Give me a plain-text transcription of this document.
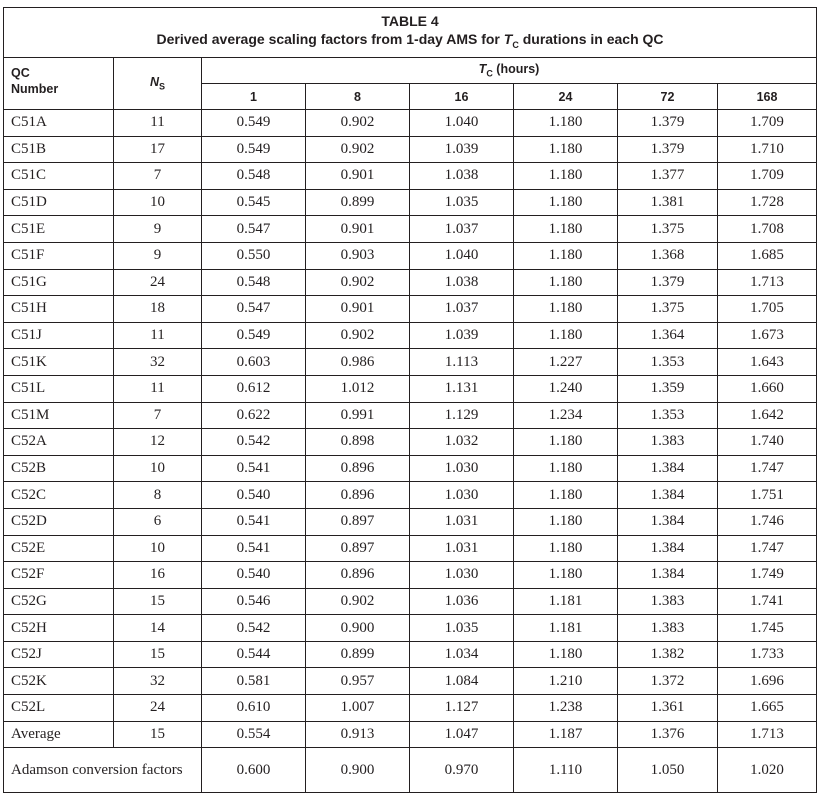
TABLE 4
Derived average scaling factors from 1-day AMS for $T_C$ durations in each QC							
QC
Number	$N_S$	$T_C$ (hours)					
		1	8	16	24	72	168
C51A	11	0.549	0.902	1.040	1.180	1.379	1.709
C51B	17	0.549	0.902	1.039	1.180	1.379	1.710
C51C	7	0.548	0.901	1.038	1.180	1.377	1.709
C51D	10	0.545	0.899	1.035	1.180	1.381	1.728
C51E	9	0.547	0.901	1.037	1.180	1.375	1.708
C51F	9	0.550	0.903	1.040	1.180	1.368	1.685
C51G	24	0.548	0.902	1.038	1.180	1.379	1.713
C51H	18	0.547	0.901	1.037	1.180	1.375	1.705
C51J	11	0.549	0.902	1.039	1.180	1.364	1.673
C51K	32	0.603	0.986	1.113	1.227	1.353	1.643
C51L	11	0.612	1.012	1.131	1.240	1.359	1.660
C51M	7	0.622	0.991	1.129	1.234	1.353	1.642
C52A	12	0.542	0.898	1.032	1.180	1.383	1.740
C52B	10	0.541	0.896	1.030	1.180	1.384	1.747
C52C	8	0.540	0.896	1.030	1.180	1.384	1.751
C52D	6	0.541	0.897	1.031	1.180	1.384	1.746
C52E	10	0.541	0.897	1.031	1.180	1.384	1.747
C52F	16	0.540	0.896	1.030	1.180	1.384	1.749
C52G	15	0.546	0.902	1.036	1.181	1.383	1.741
C52H	14	0.542	0.900	1.035	1.181	1.383	1.745
C52J	15	0.544	0.899	1.034	1.180	1.382	1.733
C52K	32	0.581	0.957	1.084	1.210	1.372	1.696
C52L	24	0.610	1.007	1.127	1.238	1.361	1.665
Average	15	0.554	0.913	1.047	1.187	1.376	1.713
Adamson conversion factors		0.600	0.900	0.970	1.110	1.050	1.020
